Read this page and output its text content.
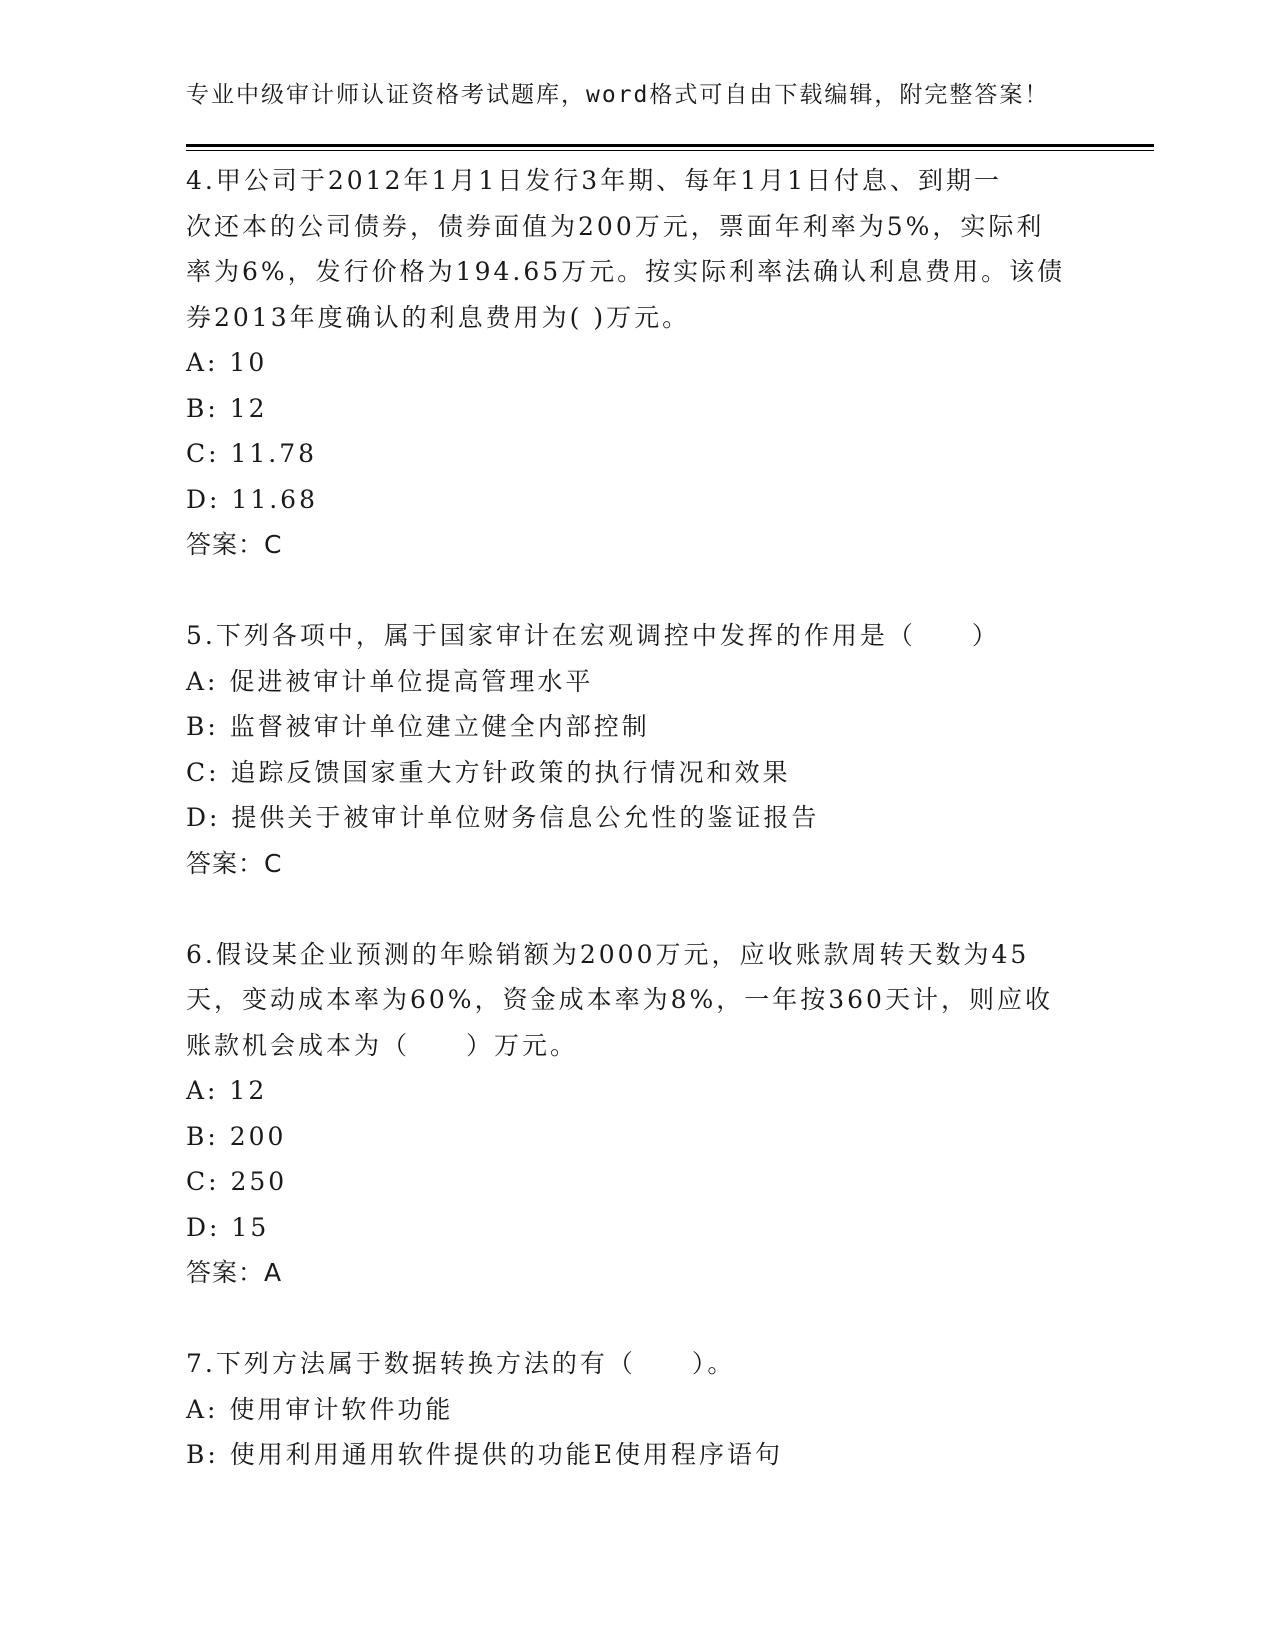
专业中级审计师认证资格考试题库，word格式可自由下载编辑，附完整答案！
4.甲公司于2012年1月1日发行3年期、每年1月1日付息、到期一
次还本的公司债券，债券面值为200万元，票面年利率为5%，实际利
率为6%，发行价格为194.65万元。按实际利率法确认利息费用。该债
券2013年度确认的利息费用为( )万元。
A: 10
B: 12
C: 11.78
D: 11.68
答案：C
5.下列各项中，属于国家审计在宏观调控中发挥的作用是（　　）
A: 促进被审计单位提高管理水平
B: 监督被审计单位建立健全内部控制
C: 追踪反馈国家重大方针政策的执行情况和效果
D: 提供关于被审计单位财务信息公允性的鉴证报告
答案：C
6.假设某企业预测的年赊销额为2000万元，应收账款周转天数为45
天，变动成本率为60%，资金成本率为8%，一年按360天计，则应收
账款机会成本为（　　）万元。
A: 12
B: 200
C: 250
D: 15
答案：A
7.下列方法属于数据转换方法的有（　　）。
A: 使用审计软件功能
B: 使用利用通用软件提供的功能E使用程序语句
